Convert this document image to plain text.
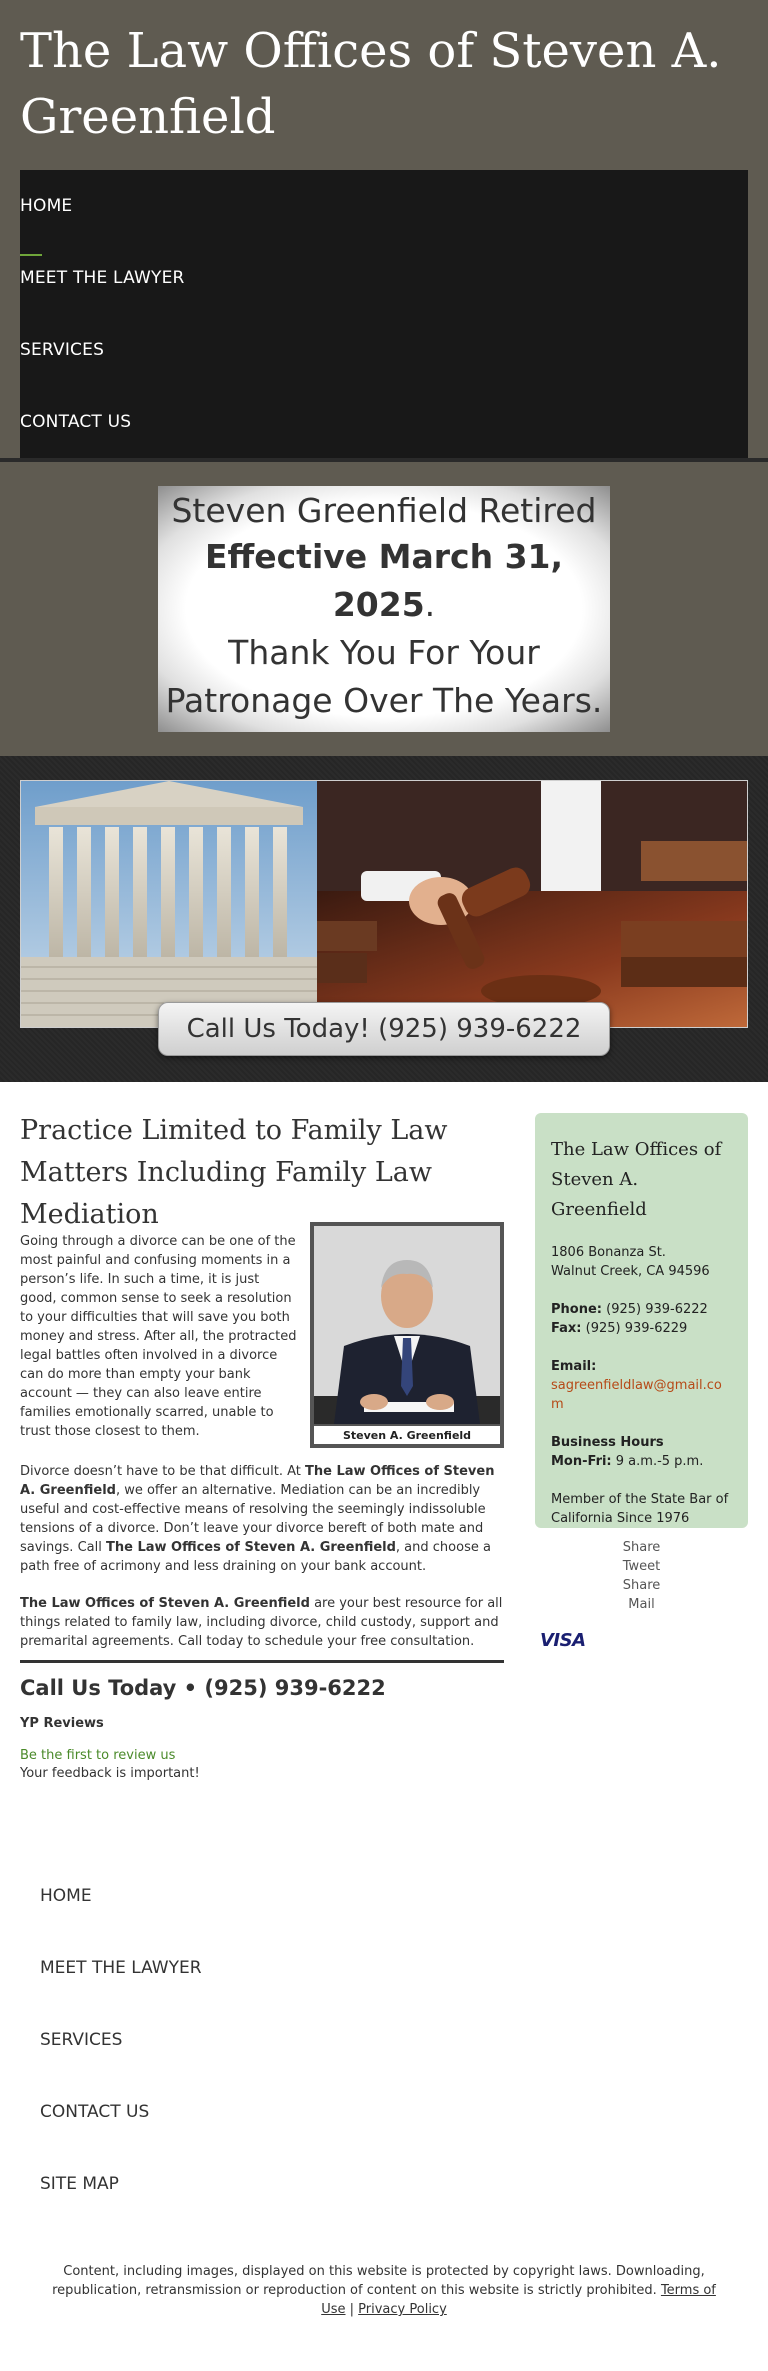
The Law Offices of Steven A. Greenfield
HOME
MEET THE LAWYER
SERVICES
CONTACT US
Steven Greenfield Retired
Effective March 31,
2025.
Thank You For Your
Patronage Over The Years.
Call Us Today! (925) 939-6222
Practice Limited to Family Law Matters Including Family Law Mediation
Steven A. Greenfield

Going through a divorce can be one of the most painful and confusing moments in a person’s life. In such a time, it is just good, common sense to seek a resolution to your difficulties that will save you both money and stress. After all, the protracted legal battles often involved in a divorce can do more than empty your bank account — they can also leave entire families emotionally scarred, unable to trust those closest to them.

Divorce doesn’t have to be that difficult. At The Law Offices of Steven A. Greenfield, we offer an alternative. Mediation can be an incredibly useful and cost-effective means of resolving the seemingly indissoluble tensions of a divorce. Don’t leave your divorce bereft of both mate and savings. Call The Law Offices of Steven A. Greenfield, and choose a path free of acrimony and less draining on your bank account.

The Law Offices of Steven A. Greenfield are your best resource for all things related to family law, including divorce, child custody, support and premarital agreements. Call today to schedule your free consultation.

Call Us Today • (925) 939-6222
YP Reviews
Be the first to review us
Your feedback is important!
The Law Offices of Steven A. Greenfield
1806 Bonanza St.
Walnut Creek, CA 94596
Phone: (925) 939-6222
Fax: (925) 939-6229
Email:
sagreenfieldlaw@gmail.com
Business Hours
Mon-Fri: 9 a.m.-5 p.m.
Member of the State Bar of California Since 1976
Share
Tweet
Share
Mail
VISA
HOME
MEET THE LAWYER
SERVICES
CONTACT US
SITE MAP
Content, including images, displayed on this website is protected by copyright laws. Downloading, republication, retransmission or reproduction of content on this website is strictly prohibited. Terms of Use | Privacy Policy
